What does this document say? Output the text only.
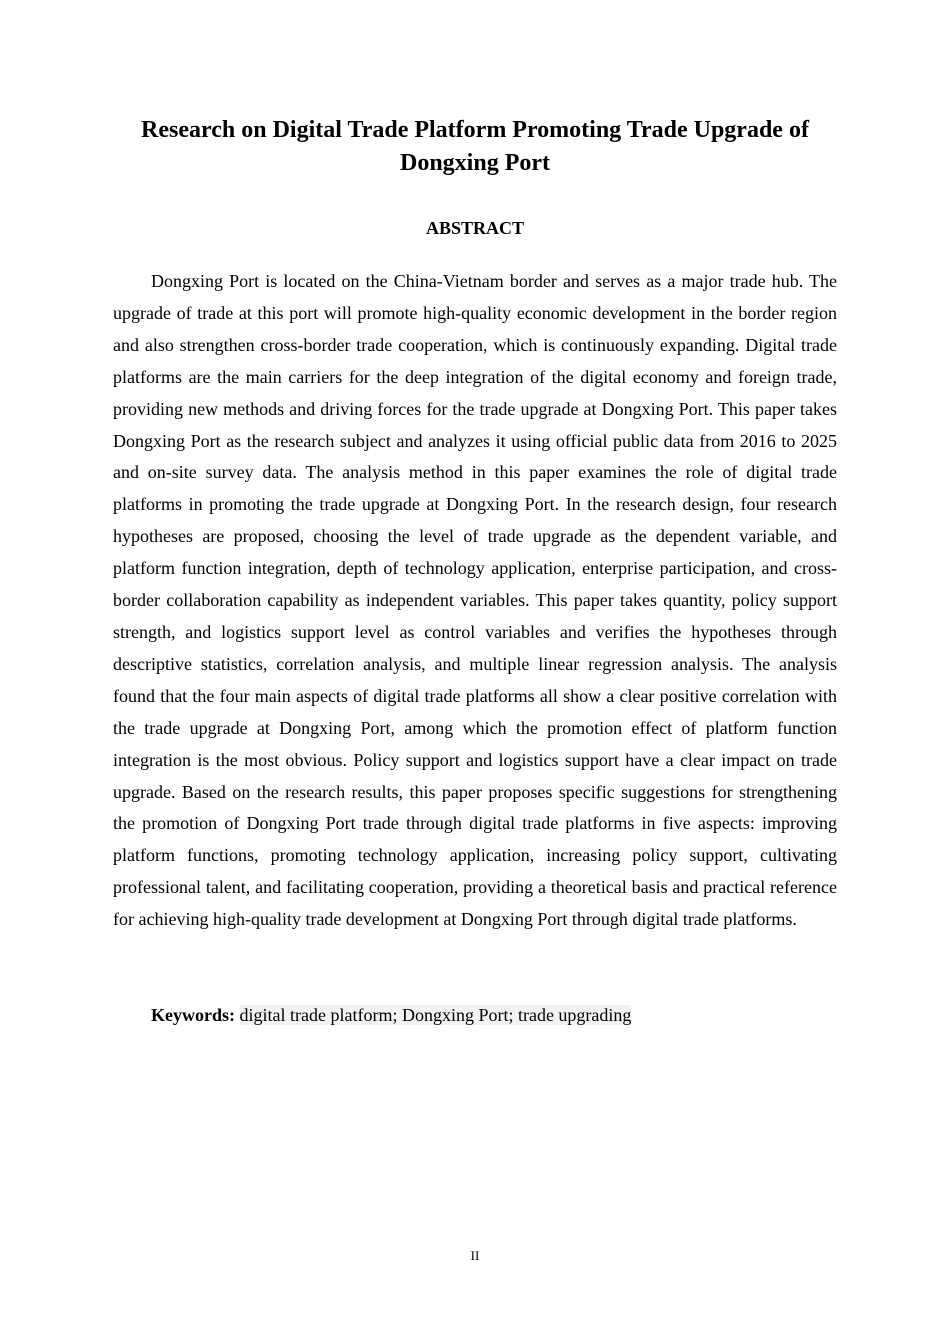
Research on Digital Trade Platform Promoting Trade Upgrade of Dongxing Port
ABSTRACT

Dongxing Port is located on the China-Vietnam border and serves as a major trade hub. The upgrade of trade at this port will promote high-quality economic development in the border region and also strengthen cross-border trade cooperation, which is continuously expanding. Digital trade platforms are the main carriers for the deep integration of the digital economy and foreign trade, providing new methods and driving forces for the trade upgrade at Dongxing Port. This paper takes Dongxing Port as the research subject and analyzes it using official public data from 2016 to 2025 and on-site survey data. The analysis method in this paper examines the role of digital trade platforms in promoting the trade upgrade at Dongxing Port. In the research design, four research hypotheses are proposed, choosing the level of trade upgrade as the dependent variable, and platform function integration, depth of technology application, enterprise participation, and cross-border collaboration capability as independent variables. This paper takes quantity, policy support strength, and logistics support level as control variables and verifies the hypotheses through descriptive statistics, correlation analysis, and multiple linear regression analysis. The analysis found that the four main aspects of digital trade platforms all show a clear positive correlation with the trade upgrade at Dongxing Port, among which the promotion effect of platform function integration is the most obvious. Policy support and logistics support have a clear impact on trade upgrade. Based on the research results, this paper proposes specific suggestions for strengthening the promotion of Dongxing Port trade through digital trade platforms in five aspects: improving platform functions, promoting technology application, increasing policy support, cultivating professional talent, and facilitating cooperation, providing a theoretical basis and practical reference for achieving high-quality trade development at Dongxing Port through digital trade platforms.

Keywords: digital trade platform; Dongxing Port; trade upgrading

II
